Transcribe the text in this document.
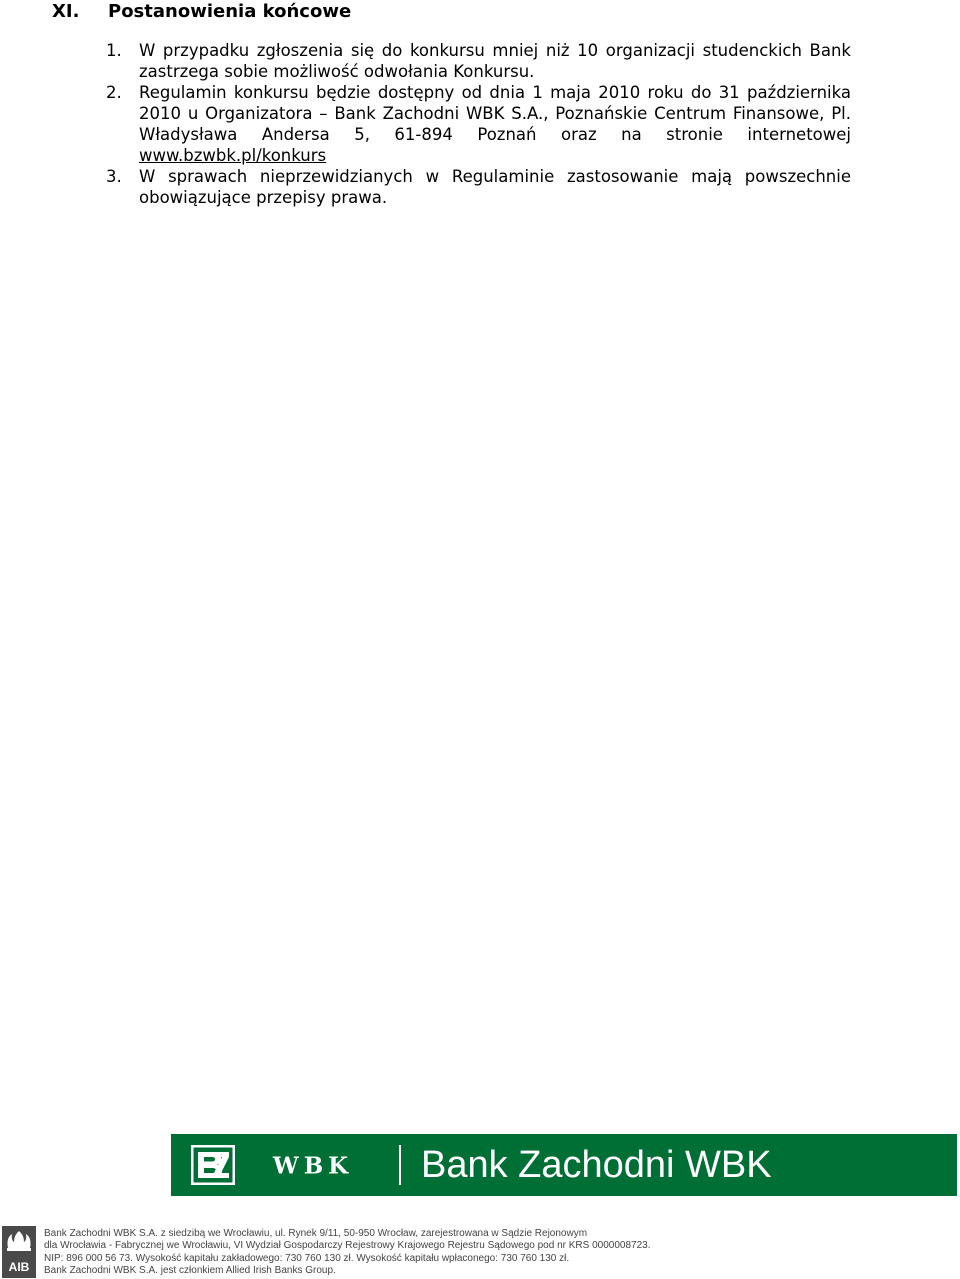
XI. Postanowienia końcowe
1. W przypadku zgłoszenia się do konkursu mniej niż 10 organizacji studenckich Bank zastrzega sobie możliwość odwołania Konkursu.
2. Regulamin konkursu będzie dostępny od dnia 1 maja 2010 roku do 31 października 2010 u Organizatora – Bank Zachodni WBK S.A., Poznańskie Centrum Finansowe, Pl. Władysława Andersa 5, 61-894 Poznań oraz na stronie internetowej www.bzwbk.pl/konkurs
3. W sprawach nieprzewidzianych w Regulaminie zastosowanie mają powszechnie obowiązujące przepisy prawa.
WBK Bank Zachodni WBK
AIB
Bank Zachodni WBK S.A. z siedzibą we Wrocławiu, ul. Rynek 9/11, 50-950 Wrocław, zarejestrowana w Sądzie Rejonowym
dla Wrocławia - Fabrycznej we Wrocławiu, VI Wydział Gospodarczy Rejestrowy Krajowego Rejestru Sądowego pod nr KRS 0000008723.
NIP: 896 000 56 73. Wysokość kapitału zakładowego: 730 760 130 zł. Wysokość kapitału wpłaconego: 730 760 130 zł.
Bank Zachodni WBK S.A. jest członkiem Allied Irish Banks Group.
